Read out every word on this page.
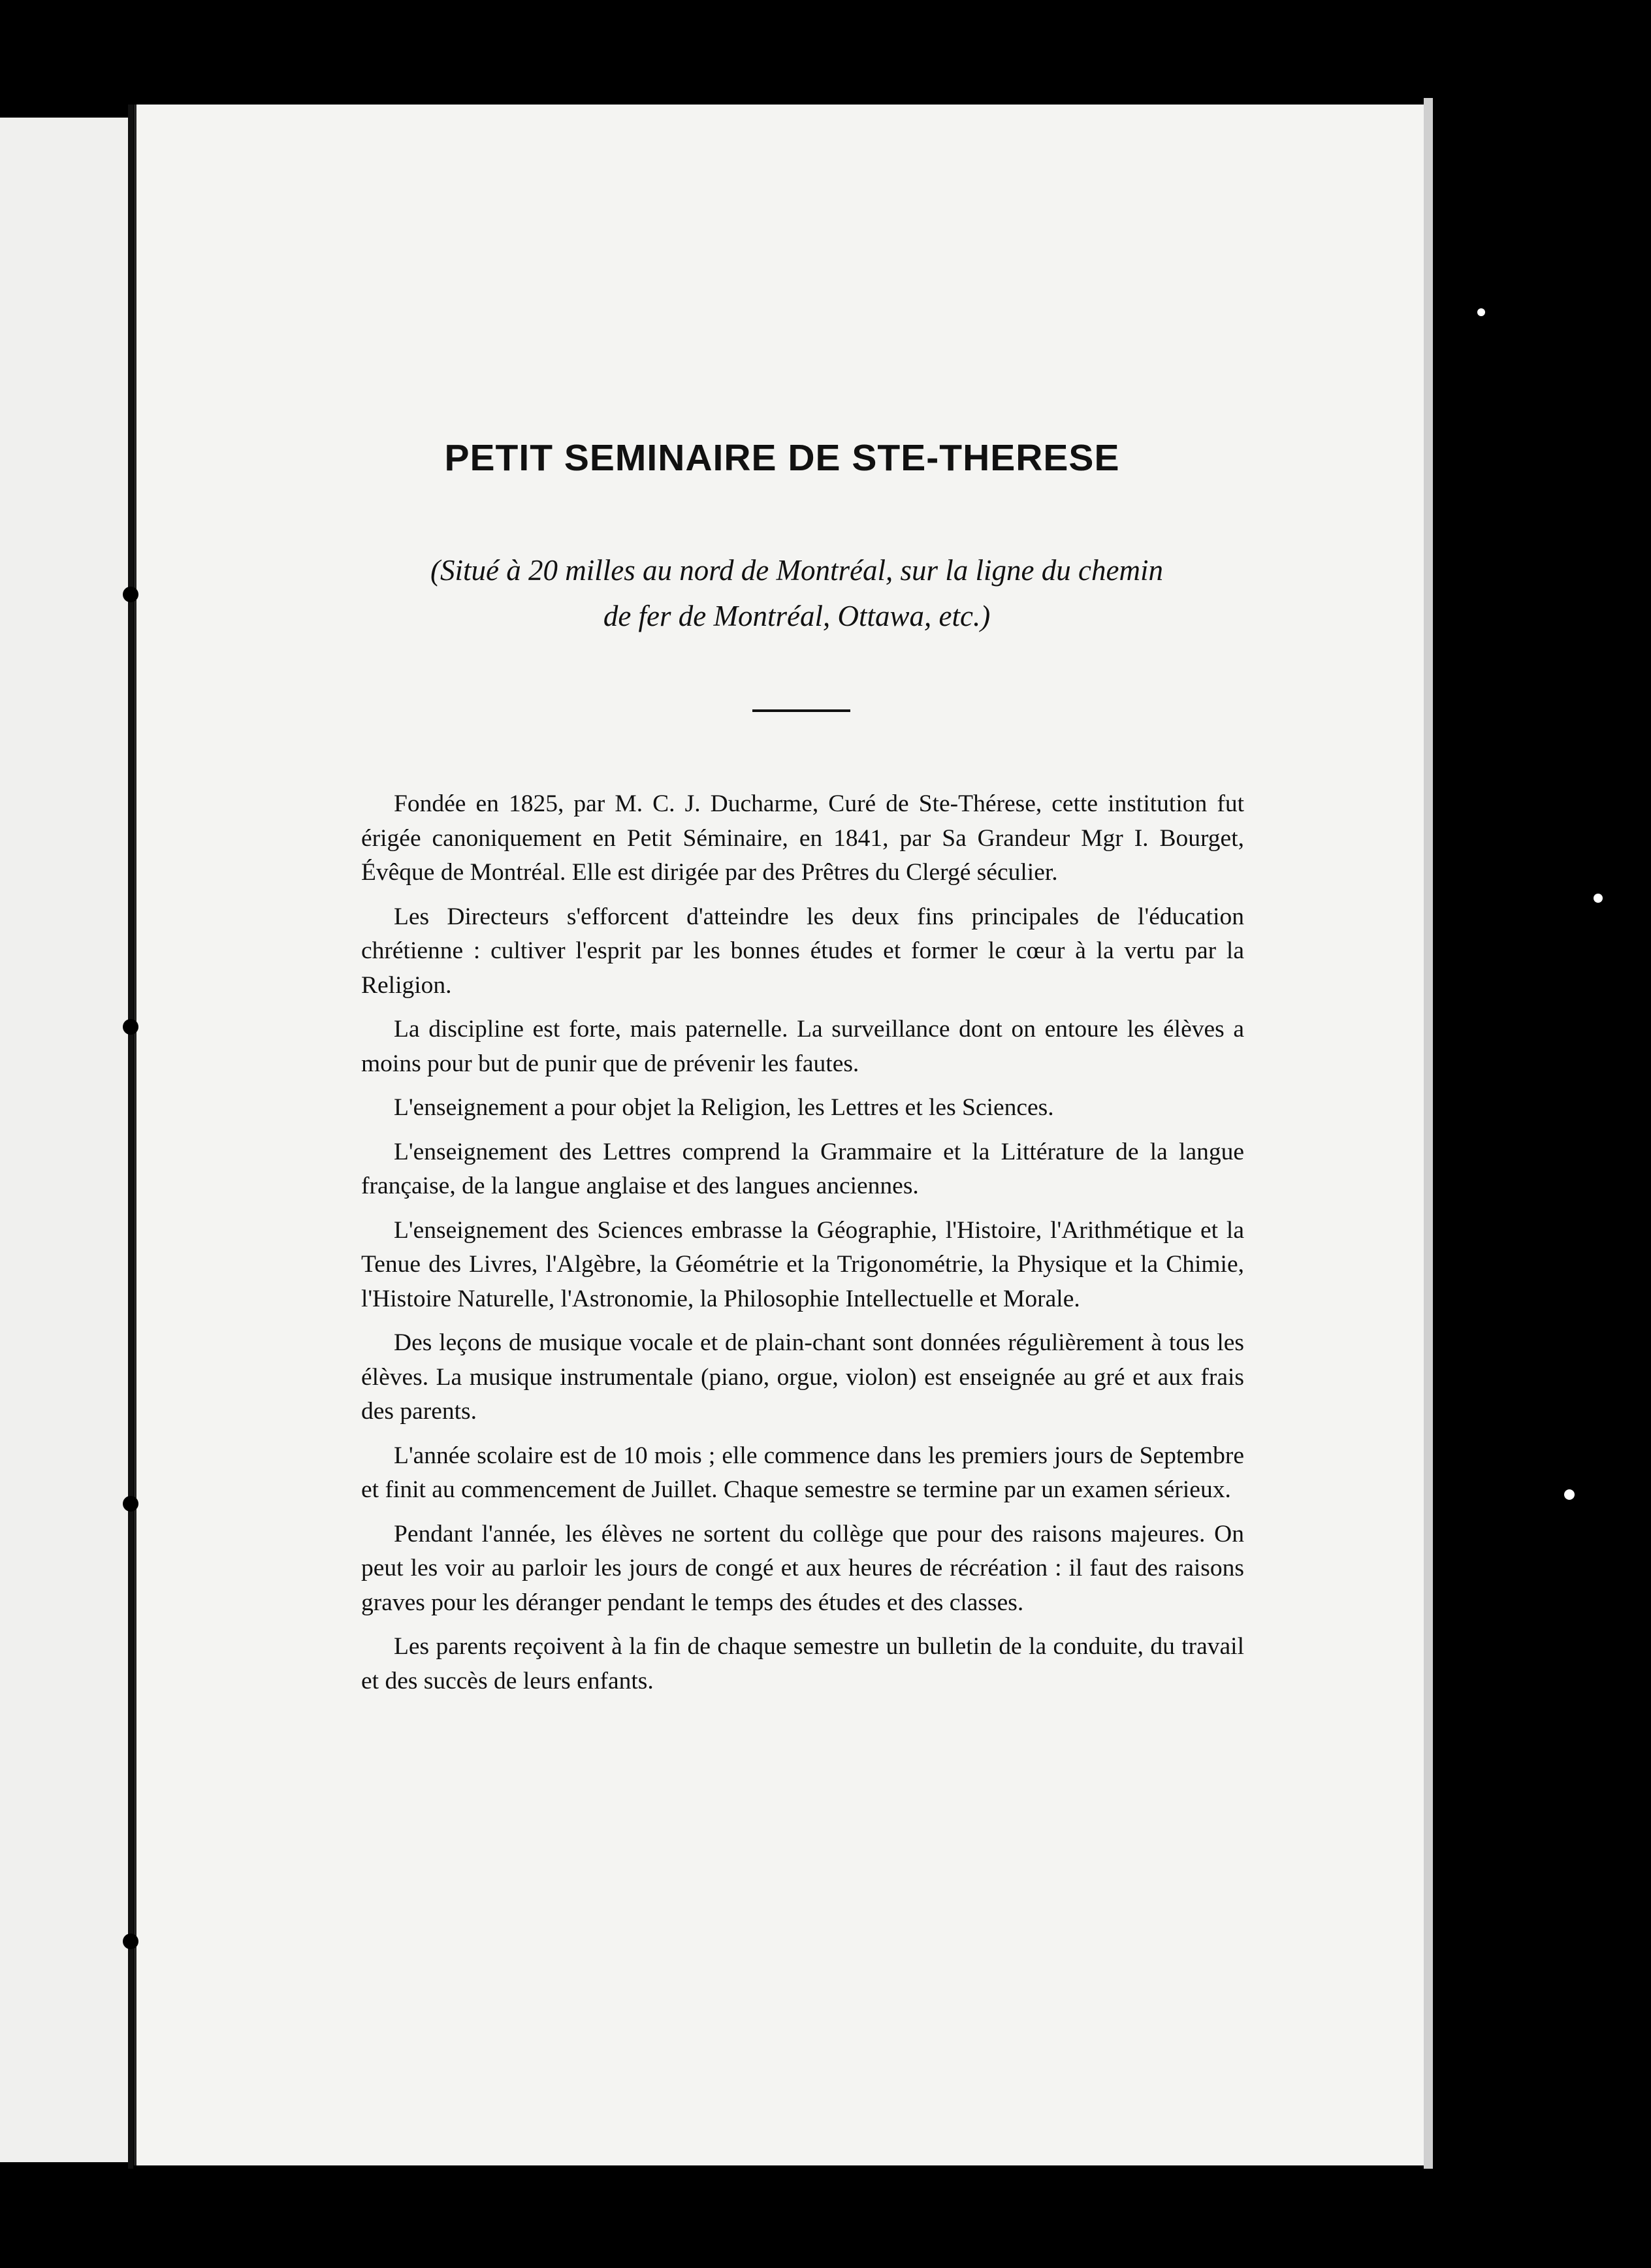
PETIT SEMINAIRE DE STE-THERESE
(Situé à 20 milles au nord de Montréal, sur la ligne du chemin
de fer de Montréal, Ottawa, etc.)

Fondée en 1825, par M. C. J. Ducharme, Curé de Ste-Thérese, cette institution fut érigée canoniquement en Petit Séminaire, en 1841, par Sa Grandeur Mgr I. Bourget, Évêque de Montréal. Elle est dirigée par des Prêtres du Clergé séculier.

Les Directeurs s'efforcent d'atteindre les deux fins principales de l'éducation chrétienne : cultiver l'esprit par les bonnes études et former le cœur à la vertu par la Religion.

La discipline est forte, mais paternelle. La surveillance dont on entoure les élèves a moins pour but de punir que de prévenir les fautes.

L'enseignement a pour objet la Religion, les Lettres et les Sciences.

L'enseignement des Lettres comprend la Grammaire et la Littérature de la langue française, de la langue anglaise et des langues anciennes.

L'enseignement des Sciences embrasse la Géographie, l'Histoire, l'Arithmétique et la Tenue des Livres, l'Algèbre, la Géométrie et la Trigonométrie, la Physique et la Chimie, l'Histoire Naturelle, l'Astronomie, la Philosophie Intellectuelle et Morale.

Des leçons de musique vocale et de plain-chant sont données régulièrement à tous les élèves. La musique instrumentale (piano, orgue, violon) est enseignée au gré et aux frais des parents.

L'année scolaire est de 10 mois ; elle commence dans les premiers jours de Septembre et finit au commencement de Juillet. Chaque semestre se termine par un examen sérieux.

Pendant l'année, les élèves ne sortent du collège que pour des raisons majeures. On peut les voir au parloir les jours de congé et aux heures de récréation : il faut des raisons graves pour les déranger pendant le temps des études et des classes.

Les parents reçoivent à la fin de chaque semestre un bulletin de la conduite, du travail et des succès de leurs enfants.
